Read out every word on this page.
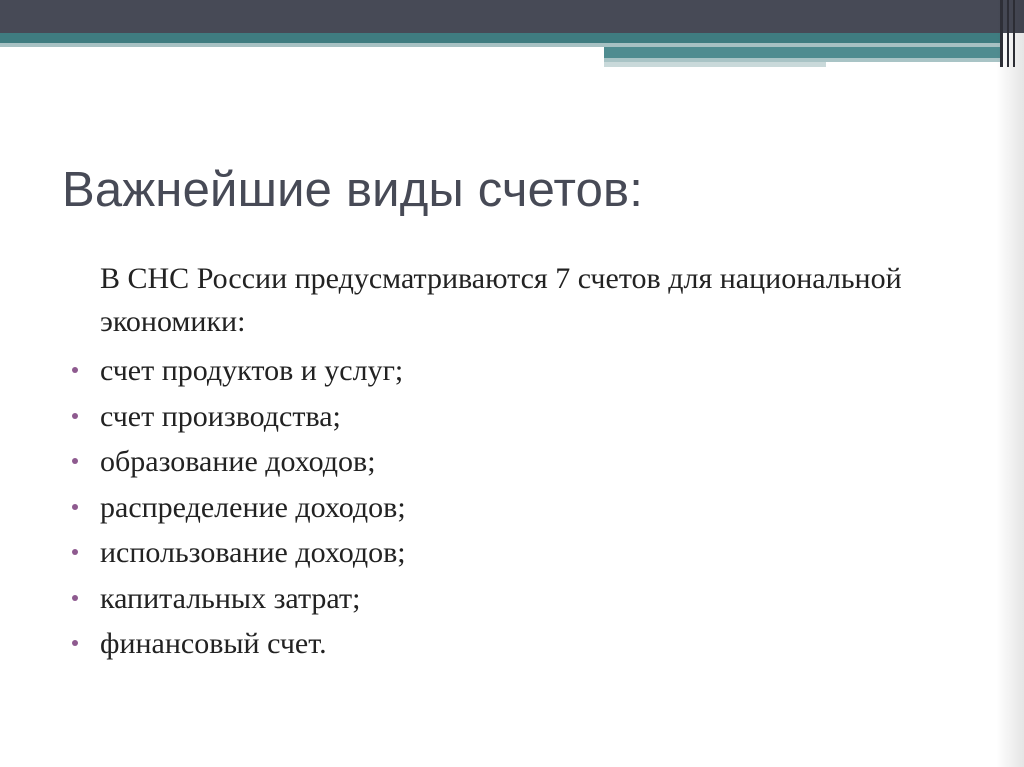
Важнейшие виды счетов:
В СНС России предусматриваются 7 счетов для национальной экономики:
счет продуктов и услуг;
счет производства;
образование доходов;
распределение доходов;
использование доходов;
капитальных затрат;
финансовый счет.
